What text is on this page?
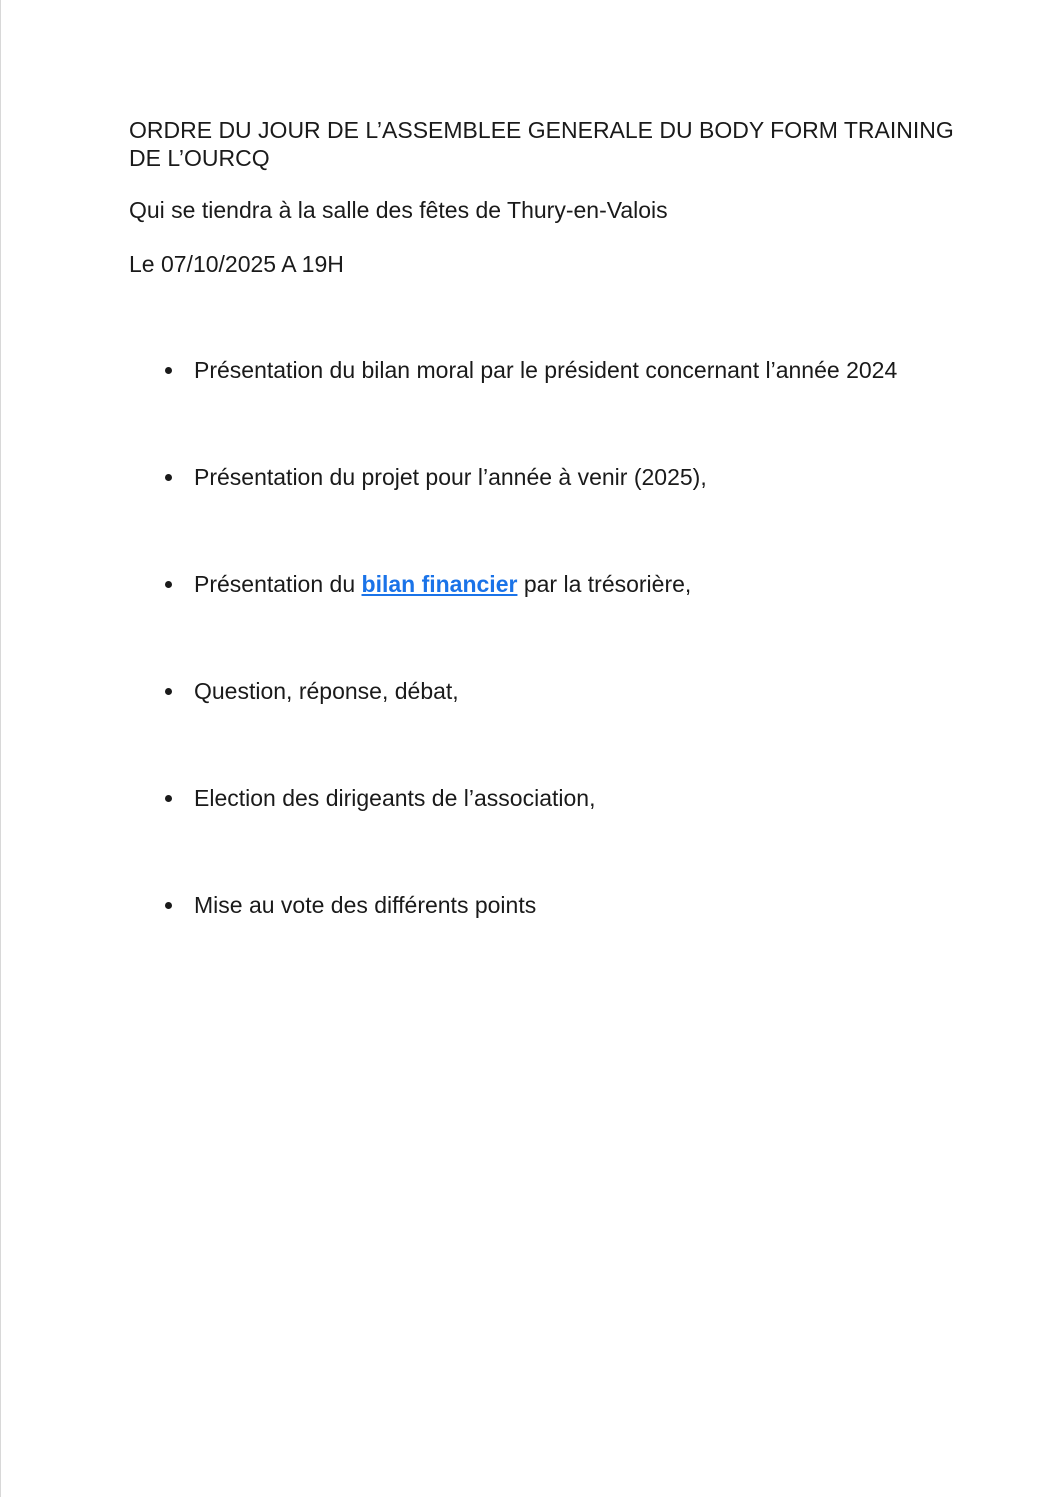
ORDRE DU JOUR DE L’ASSEMBLEE GENERALE DU BODY FORM TRAINING DE L’OURCQ

Qui se tiendra à la salle des fêtes de Thury-en-Valois

Le 07/10/2025 A 19H

Présentation du bilan moral par le président concernant l’année 2024
Présentation du projet pour l’année à venir (2025),
Présentation du bilan financier par la trésorière,
Question, réponse, débat,
Election des dirigeants de l’association,
Mise au vote des différents points
